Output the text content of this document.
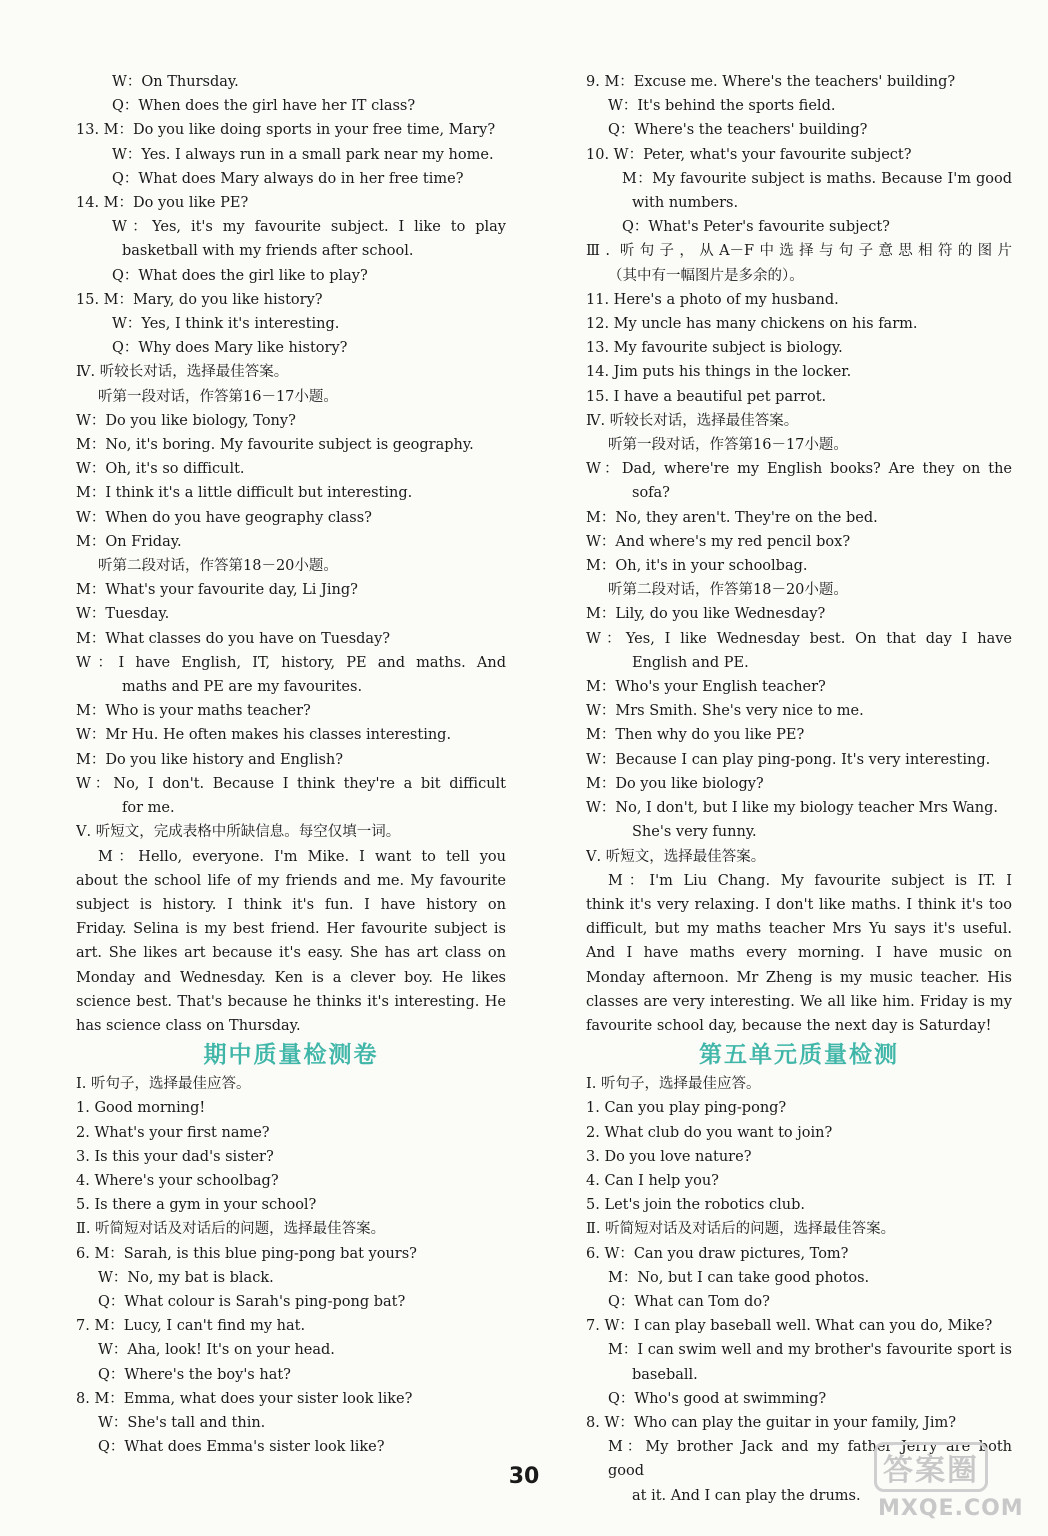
W：On Thursday.
Q：When does the girl have her IT class?
13. M：Do you like doing sports in your free time, Mary?
W：Yes. I always run in a small park near my home.
Q：What does Mary always do in her free time?
14. M：Do you like PE?
W：Yes, it's my favourite subject. I like to play
basketball with my friends after school.
Q：What does the girl like to play?
15. M：Mary, do you like history?
W：Yes, I think it's interesting.
Q：Why does Mary like history?
Ⅳ. 听较长对话，选择最佳答案。
听第一段对话，作答第16－17小题。
W：Do you like biology, Tony?
M：No, it's boring. My favourite subject is geography.
W：Oh, it's so difficult.
M：I think it's a little difficult but interesting.
W：When do you have geography class?
M：On Friday.
听第二段对话，作答第18－20小题。
M：What's your favourite day, Li Jing?
W：Tuesday.
M：What classes do you have on Tuesday?
W：I have English, IT, history, PE and maths. And
maths and PE are my favourites.
M：Who is your maths teacher?
W：Mr Hu. He often makes his classes interesting.
M：Do you like history and English?
W：No, I don't. Because I think they're a bit difficult
for me.
Ⅴ. 听短文，完成表格中所缺信息。每空仅填一词。
M：Hello, everyone. I'm Mike. I want to tell you
about the school life of my friends and me. My favourite
subject is history. I think it's fun. I have history on
Friday. Selina is my best friend. Her favourite subject is
art. She likes art because it's easy. She has art class on
Monday and Wednesday. Ken is a clever boy. He likes
science best. That's because he thinks it's interesting. He
has science class on Thursday.
期中质量检测卷
Ⅰ. 听句子，选择最佳应答。
1. Good morning!
2. What's your first name?
3. Is this your dad's sister?
4. Where's your schoolbag?
5. Is there a gym in your school?
Ⅱ. 听简短对话及对话后的问题，选择最佳答案。
6. M：Sarah, is this blue ping-pong bat yours?
W：No, my bat is black.
Q：What colour is Sarah's ping-pong bat?
7. M：Lucy, I can't find my hat.
W：Aha, look! It's on your head.
Q：Where's the boy's hat?
8. M：Emma, what does your sister look like?
W：She's tall and thin.
Q：What does Emma's sister look like?
9. M：Excuse me. Where's the teachers' building?
W：It's behind the sports field.
Q：Where's the teachers' building?
10. W：Peter, what's your favourite subject?
M：My favourite subject is maths. Because I'm good
with numbers.
Q：What's Peter's favourite subject?
Ⅲ. 听句子，从A－F中选择与句子意思相符的图片
（其中有一幅图片是多余的）。
11. Here's a photo of my husband.
12. My uncle has many chickens on his farm.
13. My favourite subject is biology.
14. Jim puts his things in the locker.
15. I have a beautiful pet parrot.
Ⅳ. 听较长对话，选择最佳答案。
听第一段对话，作答第16－17小题。
W：Dad, where're my English books? Are they on the
sofa?
M：No, they aren't. They're on the bed.
W：And where's my red pencil box?
M：Oh, it's in your schoolbag.
听第二段对话，作答第18－20小题。
M：Lily, do you like Wednesday?
W：Yes, I like Wednesday best. On that day I have
English and PE.
M：Who's your English teacher?
W：Mrs Smith. She's very nice to me.
M：Then why do you like PE?
W：Because I can play ping-pong. It's very interesting.
M：Do you like biology?
W：No, I don't, but I like my biology teacher Mrs Wang.
She's very funny.
Ⅴ. 听短文，选择最佳答案。
M：I'm Liu Chang. My favourite subject is IT. I
think it's very relaxing. I don't like maths. I think it's too
difficult, but my maths teacher Mrs Yu says it's useful.
And I have maths every morning. I have music on
Monday afternoon. Mr Zheng is my music teacher. His
classes are very interesting. We all like him. Friday is my
favourite school day, because the next day is Saturday!
第五单元质量检测
Ⅰ. 听句子，选择最佳应答。
1. Can you play ping-pong?
2. What club do you want to join?
3. Do you love nature?
4. Can I help you?
5. Let's join the robotics club.
Ⅱ. 听简短对话及对话后的问题，选择最佳答案。
6. W：Can you draw pictures, Tom?
M：No, but I can take good photos.
Q：What can Tom do?
7. W：I can play baseball well. What can you do, Mike?
M：I can swim well and my brother's favourite sport is
baseball.
Q：Who's good at swimming?
8. W：Who can play the guitar in your family, Jim?
M：My brother Jack and my father Jerry are both good
at it. And I can play the drums.
30	答案圈
MXQE.COM
